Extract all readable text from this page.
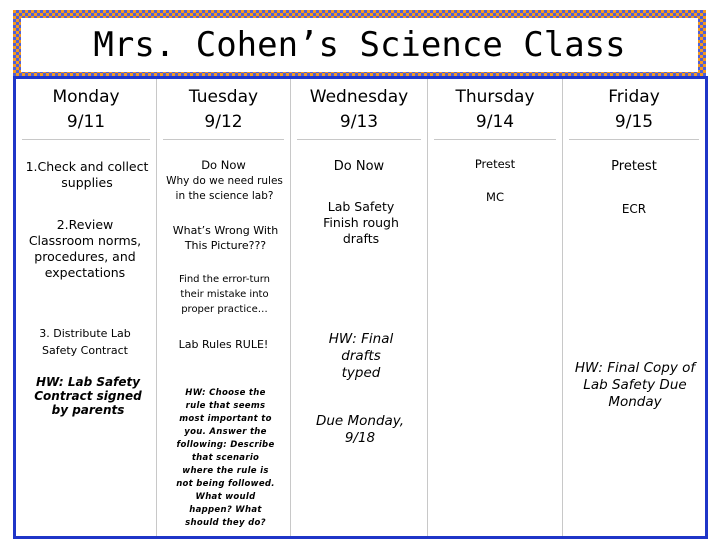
Mrs. Cohen’s Science Class
Monday
9/11
1.Check and collect supplies
2.Review Classroom norms, procedures, and expectations
3. Distribute Lab Safety Contract
HW: Lab Safety Contract signed by parents
Tuesday
9/12
Do Now
Why do we need rules in the science lab?
What’s Wrong With This Picture???
Find the error-turn their mistake into proper practice…
Lab Rules RULE!
HW: Choose the rule that seems most important to you. Answer the following: Describe that scenario where the rule is not being followed. What would happen? What should they do?
Wednesday
9/13
Do Now
Lab Safety Finish rough drafts
HW: Final drafts typed
Due Monday, 9/18
Thursday
9/14
Pretest
MC
Friday
9/15
Pretest
ECR
HW: Final Copy of Lab Safety Due Monday
